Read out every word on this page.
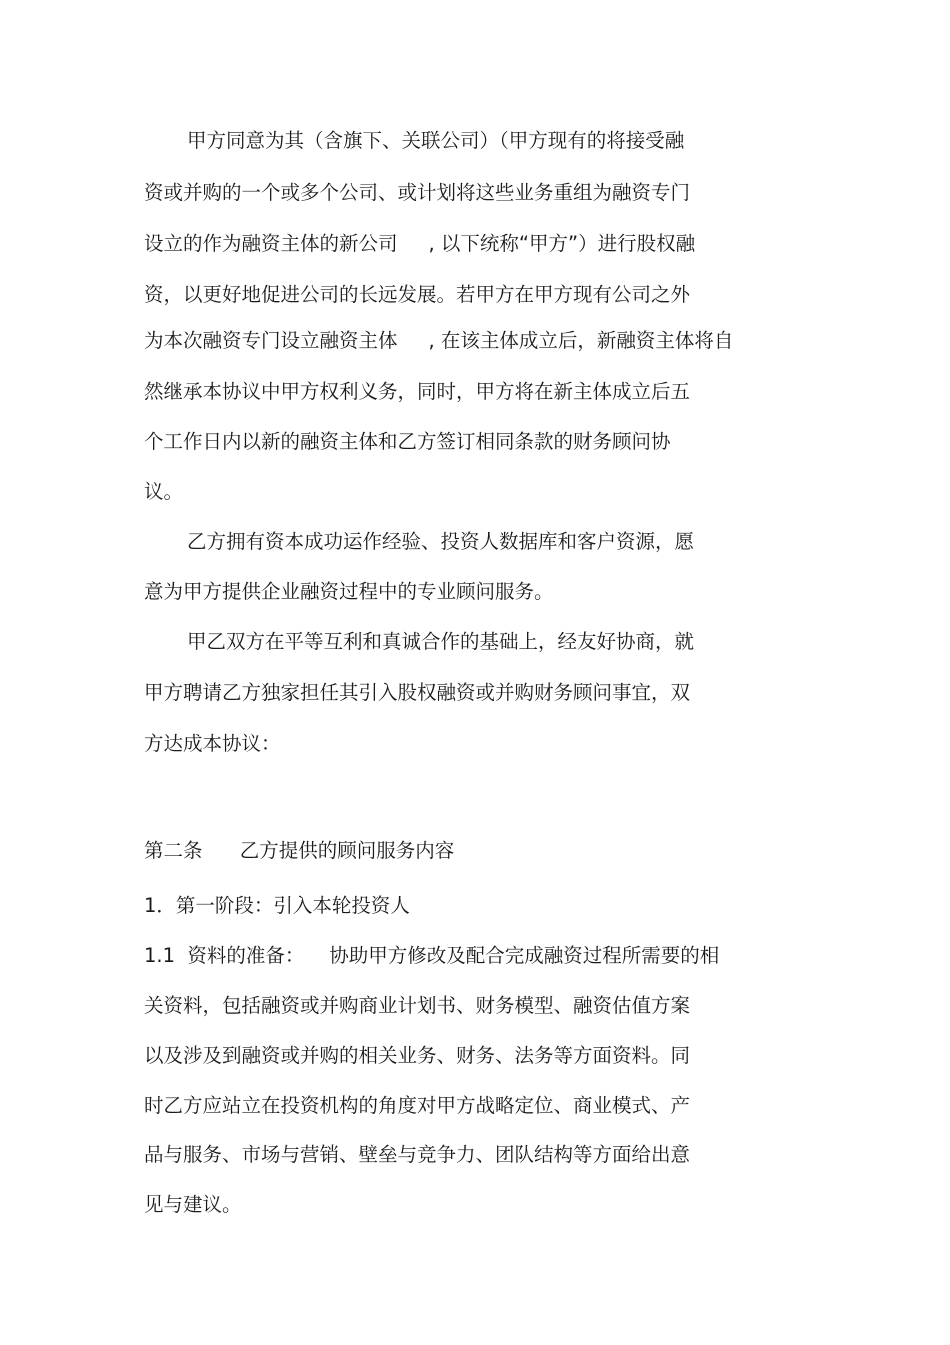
甲方同意为其（含旗下、关联公司）（甲方现有的将接受融
资或并购的一个或多个公司、或计划将这些业务重组为融资专门
设立的作为融资主体的新公司     , 以下统称“甲方”）进行股权融
资，以更好地促进公司的长远发展。若甲方在甲方现有公司之外
为本次融资专门设立融资主体     , 在该主体成立后，新融资主体将自
然继承本协议中甲方权利义务，同时，甲方将在新主体成立后五
个工作日内以新的融资主体和乙方签订相同条款的财务顾问协
议。
乙方拥有资本成功运作经验、投资人数据库和客户资源，愿
意为甲方提供企业融资过程中的专业顾问服务。
甲乙双方在平等互利和真诚合作的基础上，经友好协商，就
甲方聘请乙方独家担任其引入股权融资或并购财务顾问事宜，双
方达成本协议：
第二条      乙方提供的顾问服务内容
1．第一阶段：引入本轮投资人
1.1  资料的准备：    协助甲方修改及配合完成融资过程所需要的相
关资料，包括融资或并购商业计划书、财务模型、融资估值方案
以及涉及到融资或并购的相关业务、财务、法务等方面资料。同
时乙方应站立在投资机构的角度对甲方战略定位、商业模式、产
品与服务、市场与营销、壁垒与竞争力、团队结构等方面给出意
见与建议。
